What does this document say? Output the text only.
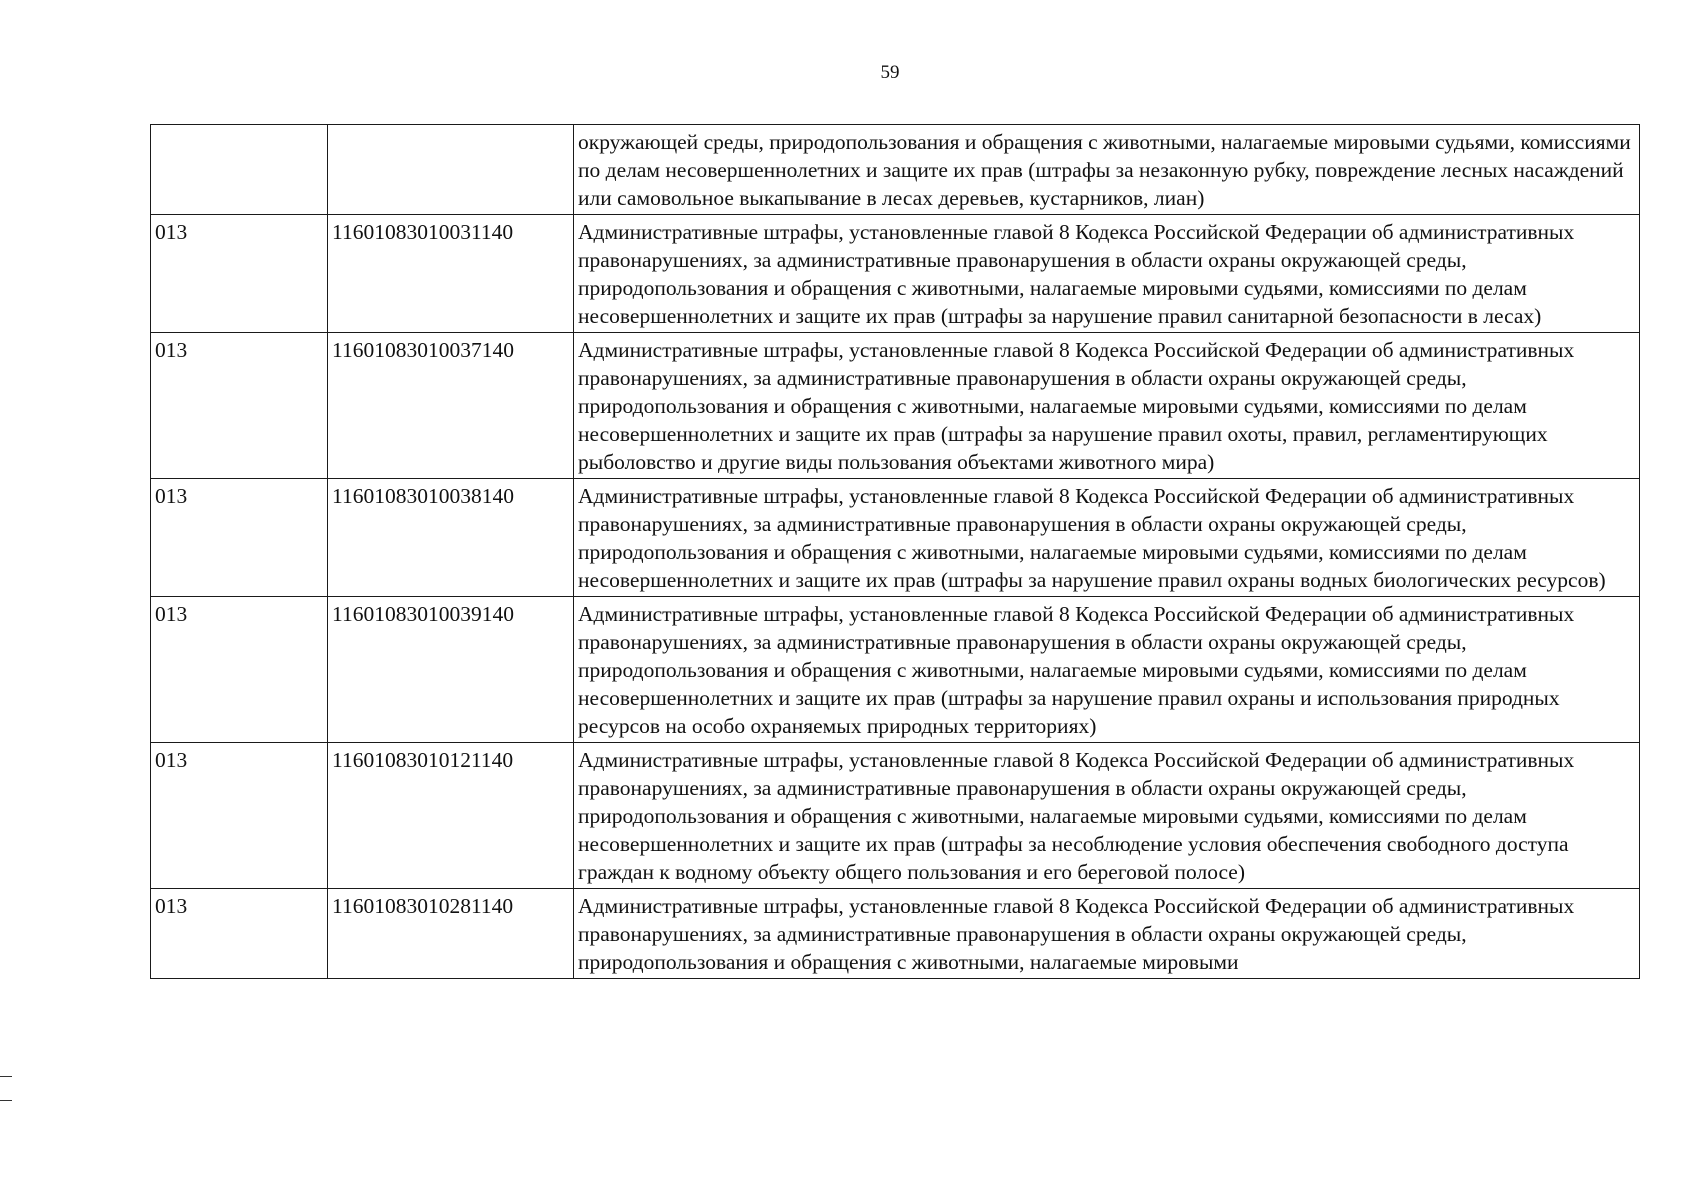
59
		окружающей среды, природопользования и обращения с животными, налагаемые мировыми судьями, комиссиями по делам несовершеннолетних и защите их прав (штрафы за незаконную рубку, повреждение лесных насаждений или самовольное выкапывание в лесах деревьев, кустарников, лиан)
013	11601083010031140	Административные штрафы, установленные главой 8 Кодекса Российской Федерации об административных правонарушениях, за административные правонарушения в области охраны окружающей среды, природопользования и обращения с животными, налагаемые мировыми судьями, комиссиями по делам несовершеннолетних и защите их прав (штрафы за нарушение правил санитарной безопасности в лесах)
013	11601083010037140	Административные штрафы, установленные главой 8 Кодекса Российской Федерации об административных правонарушениях, за административные правонарушения в области охраны окружающей среды, природопользования и обращения с животными, налагаемые мировыми судьями, комиссиями по делам несовершеннолетних и защите их прав (штрафы за нарушение правил охоты, правил, регламентирующих рыболовство и другие виды пользования объектами животного мира)
013	11601083010038140	Административные штрафы, установленные главой 8 Кодекса Российской Федерации об административных правонарушениях, за административные правонарушения в области охраны окружающей среды, природопользования и обращения с животными, налагаемые мировыми судьями, комиссиями по делам несовершеннолетних и защите их прав (штрафы за нарушение правил охраны водных биологических ресурсов)
013	11601083010039140	Административные штрафы, установленные главой 8 Кодекса Российской Федерации об административных правонарушениях, за административные правонарушения в области охраны окружающей среды, природопользования и обращения с животными, налагаемые мировыми судьями, комиссиями по делам несовершеннолетних и защите их прав (штрафы за нарушение правил охраны и использования природных ресурсов на особо охраняемых природных территориях)
013	11601083010121140	Административные штрафы, установленные главой 8 Кодекса Российской Федерации об административных правонарушениях, за административные правонарушения в области охраны окружающей среды, природопользования и обращения с животными, налагаемые мировыми судьями, комиссиями по делам несовершеннолетних и защите их прав (штрафы за несоблюдение условия обеспечения свободного доступа граждан к водному объекту общего пользования и его береговой полосе)
013	11601083010281140	Административные штрафы, установленные главой 8 Кодекса Российской Федерации об административных правонарушениях, за административные правонарушения в области охраны окружающей среды, природопользования и обращения с животными, налагаемые мировыми
